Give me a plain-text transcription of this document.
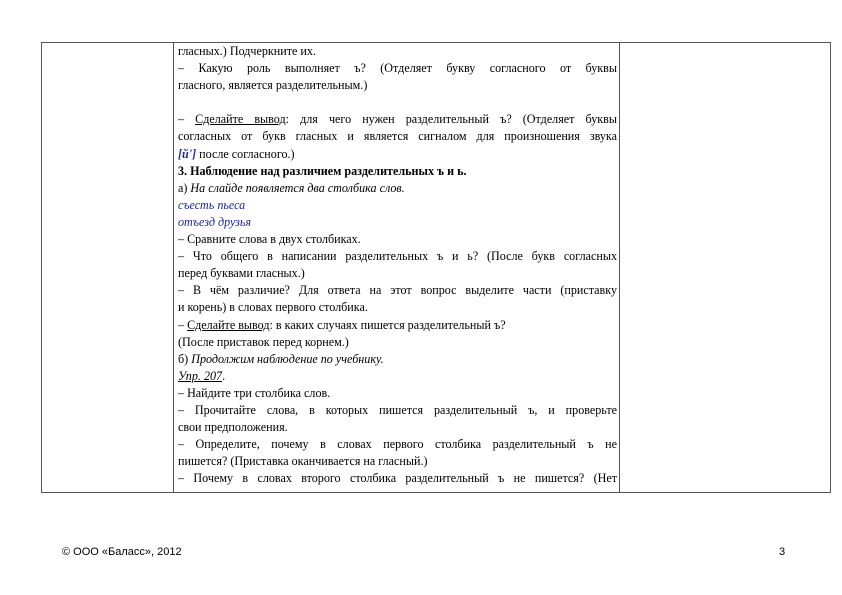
гласных.) Подчеркните их.
– Какую роль выполняет ъ? (Отделяет букву согласного от буквы
гласного, является разделительным.)
– Сделайте вывод: для чего нужен разделительный ъ? (Отделяет буквы
согласных от букв гласных и является сигналом для произношения звука
[й'] после согласного.)
3. Наблюдение над различием разделительных ъ и ь.
а) На слайде появляется два столбика слов.
съесть пьеса
отъезд друзья
– Сравните слова в двух столбиках.
– Что общего в написании разделительных ъ и ь? (После букв согласных
перед буквами гласных.)
– В чём различие? Для ответа на этот вопрос выделите части (приставку
и корень) в словах первого столбика.
– Сделайте вывод: в каких случаях пишется разделительный ъ?
(После приставок перед корнем.)
б) Продолжим наблюдение по учебнику.
Упр. 207.
– Найдите три столбика слов.
– Прочитайте слова, в которых пишется разделительный ъ, и проверьте
свои предположения.
– Определите, почему в словах первого столбика разделительный ъ не
пишется? (Приставка оканчивается на гласный.)
– Почему в словах второго столбика разделительный ъ не пишется? (Нет
© ООО «Баласс», 2012	3
